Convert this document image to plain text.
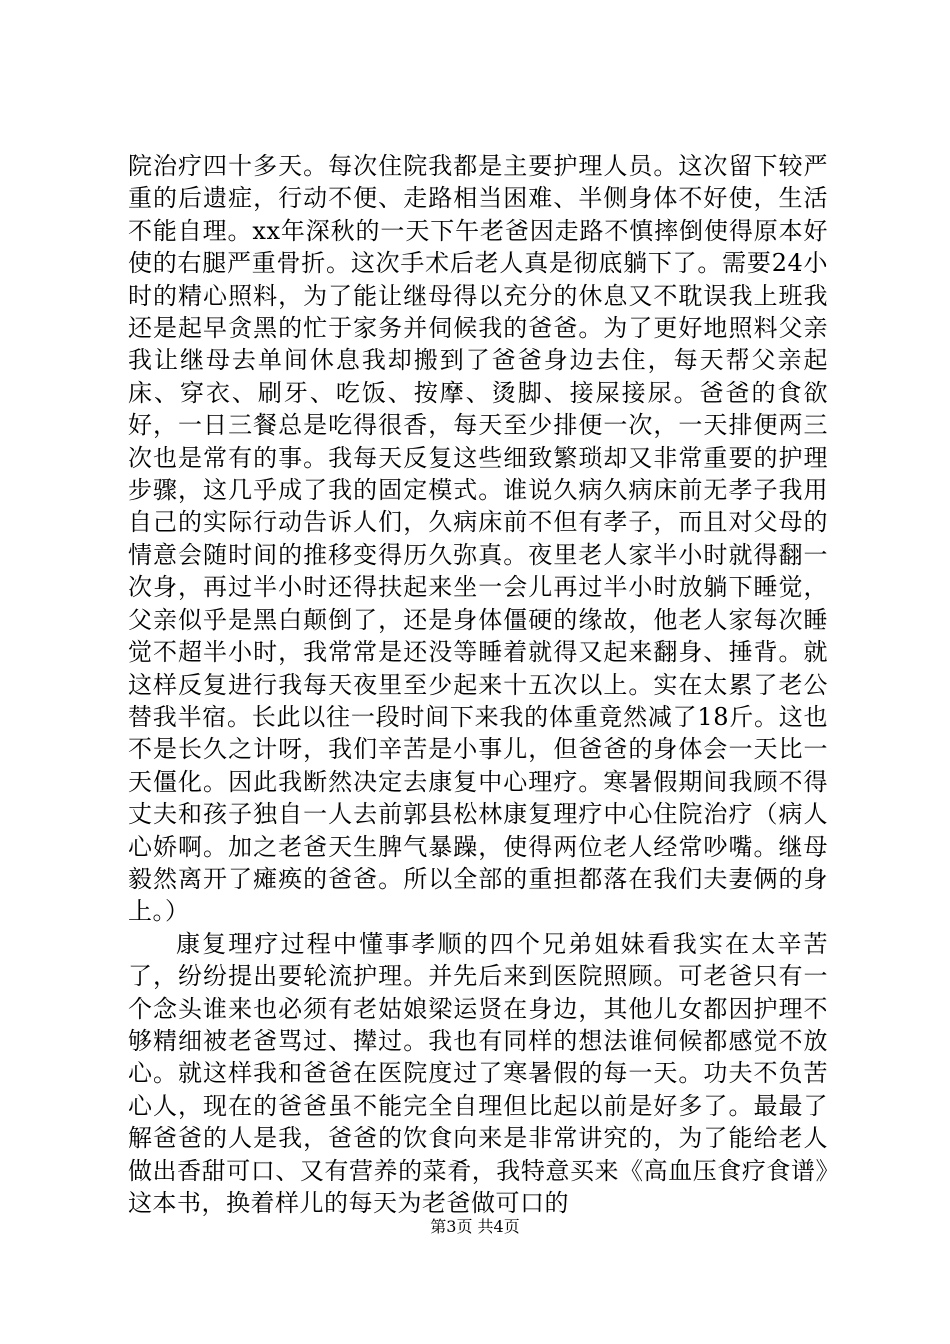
院治疗四十多天。每次住院我都是主要护理人员。这次留下较严重的后遗症，行动不便、走路相当困难、半侧身体不好使，生活不能自理。xx年深秋的一天下午老爸因走路不慎摔倒使得原本好使的右腿严重骨折。这次手术后老人真是彻底躺下了。需要24小时的精心照料，为了能让继母得以充分的休息又不耽误我上班我还是起早贪黑的忙于家务并伺候我的爸爸。为了更好地照料父亲我让继母去单间休息我却搬到了爸爸身边去住，每天帮父亲起床、穿衣、刷牙、吃饭、按摩、烫脚、接屎接尿。爸爸的食欲好，一日三餐总是吃得很香，每天至少排便一次，一天排便两三次也是常有的事。我每天反复这些细致繁琐却又非常重要的护理步骤，这几乎成了我的固定模式。谁说久病久病床前无孝子我用自己的实际行动告诉人们，久病床前不但有孝子，而且对父母的情意会随时间的推移变得历久弥真。夜里老人家半小时就得翻一次身，再过半小时还得扶起来坐一会儿再过半小时放躺下睡觉，父亲似乎是黑白颠倒了，还是身体僵硬的缘故，他老人家每次睡觉不超半小时，我常常是还没等睡着就得又起来翻身、捶背。就这样反复进行我每天夜里至少起来十五次以上。实在太累了老公替我半宿。长此以往一段时间下来我的体重竟然减了18斤。这也不是长久之计呀，我们辛苦是小事儿，但爸爸的身体会一天比一天僵化。因此我断然决定去康复中心理疗。寒暑假期间我顾不得丈夫和孩子独自一人去前郭县松林康复理疗中心住院治疗（病人心娇啊。加之老爸天生脾气暴躁，使得两位老人经常吵嘴。继母毅然离开了瘫痪的爸爸。所以全部的重担都落在我们夫妻俩的身上。）

康复理疗过程中懂事孝顺的四个兄弟姐妹看我实在太辛苦了，纷纷提出要轮流护理。并先后来到医院照顾。可老爸只有一个念头谁来也必须有老姑娘梁运贤在身边，其他儿女都因护理不够精细被老爸骂过、撵过。我也有同样的想法谁伺候都感觉不放心。就这样我和爸爸在医院度过了寒暑假的每一天。功夫不负苦心人，现在的爸爸虽不能完全自理但比起以前是好多了。最最了解爸爸的人是我，爸爸的饮食向来是非常讲究的，为了能给老人做出香甜可口、又有营养的菜肴，我特意买来《高血压食疗食谱》这本书，换着样儿的每天为老爸做可口的

第3页 共4页
